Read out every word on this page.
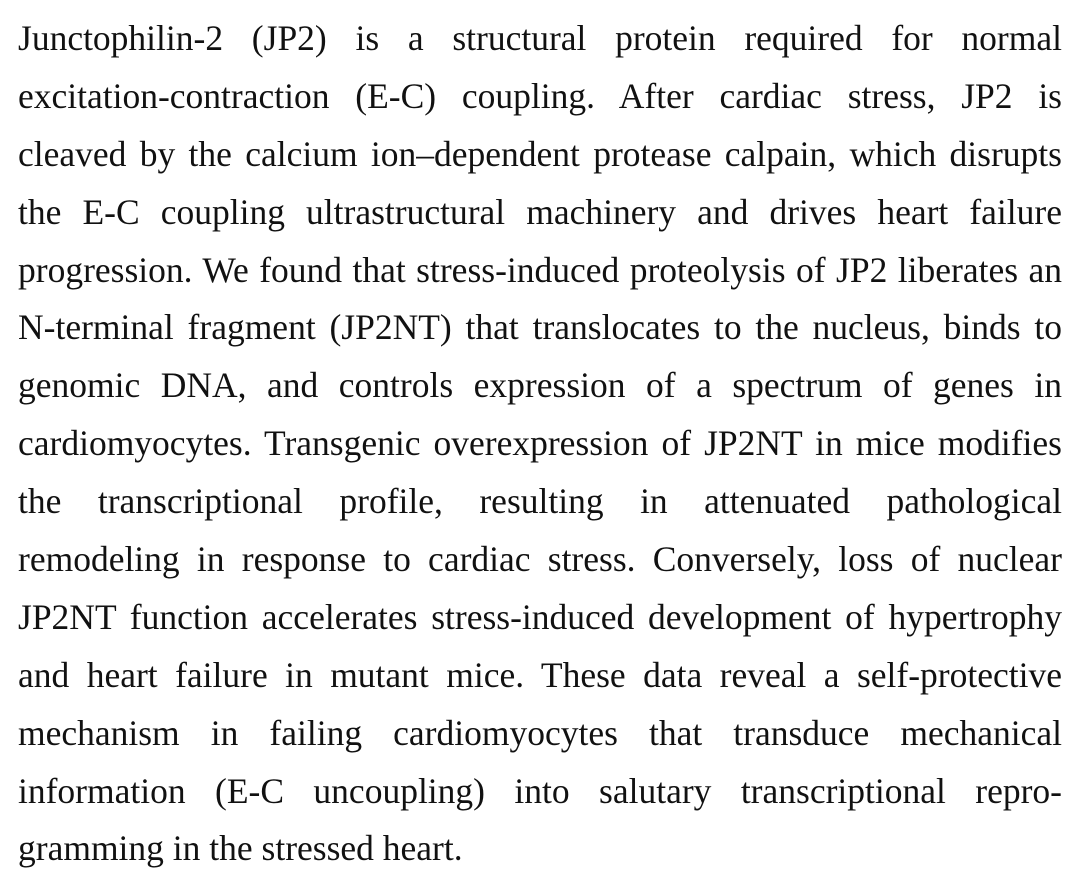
Junctophilin-2 (JP2) is a structural protein required for normal
excitation-contraction (E-C) coupling. After cardiac stress, JP2 is
cleaved by the calcium ion–dependent protease calpain, which disrupts
the E-C coupling ultrastructural machinery and drives heart failure
progression. We found that stress-induced proteolysis of JP2 liberates an
N-terminal fragment (JP2NT) that translocates to the nucleus, binds to
genomic DNA, and controls expression of a spectrum of genes in
cardiomyocytes. Transgenic overexpression of JP2NT in mice modifies
the transcriptional profile, resulting in attenuated pathological
remodeling in response to cardiac stress. Conversely, loss of nuclear
JP2NT function accelerates stress-induced development of hypertrophy
and heart failure in mutant mice. These data reveal a self-protective
mechanism in failing cardiomyocytes that transduce mechanical
information (E-C uncoupling) into salutary transcriptional repro-
gramming in the stressed heart.
